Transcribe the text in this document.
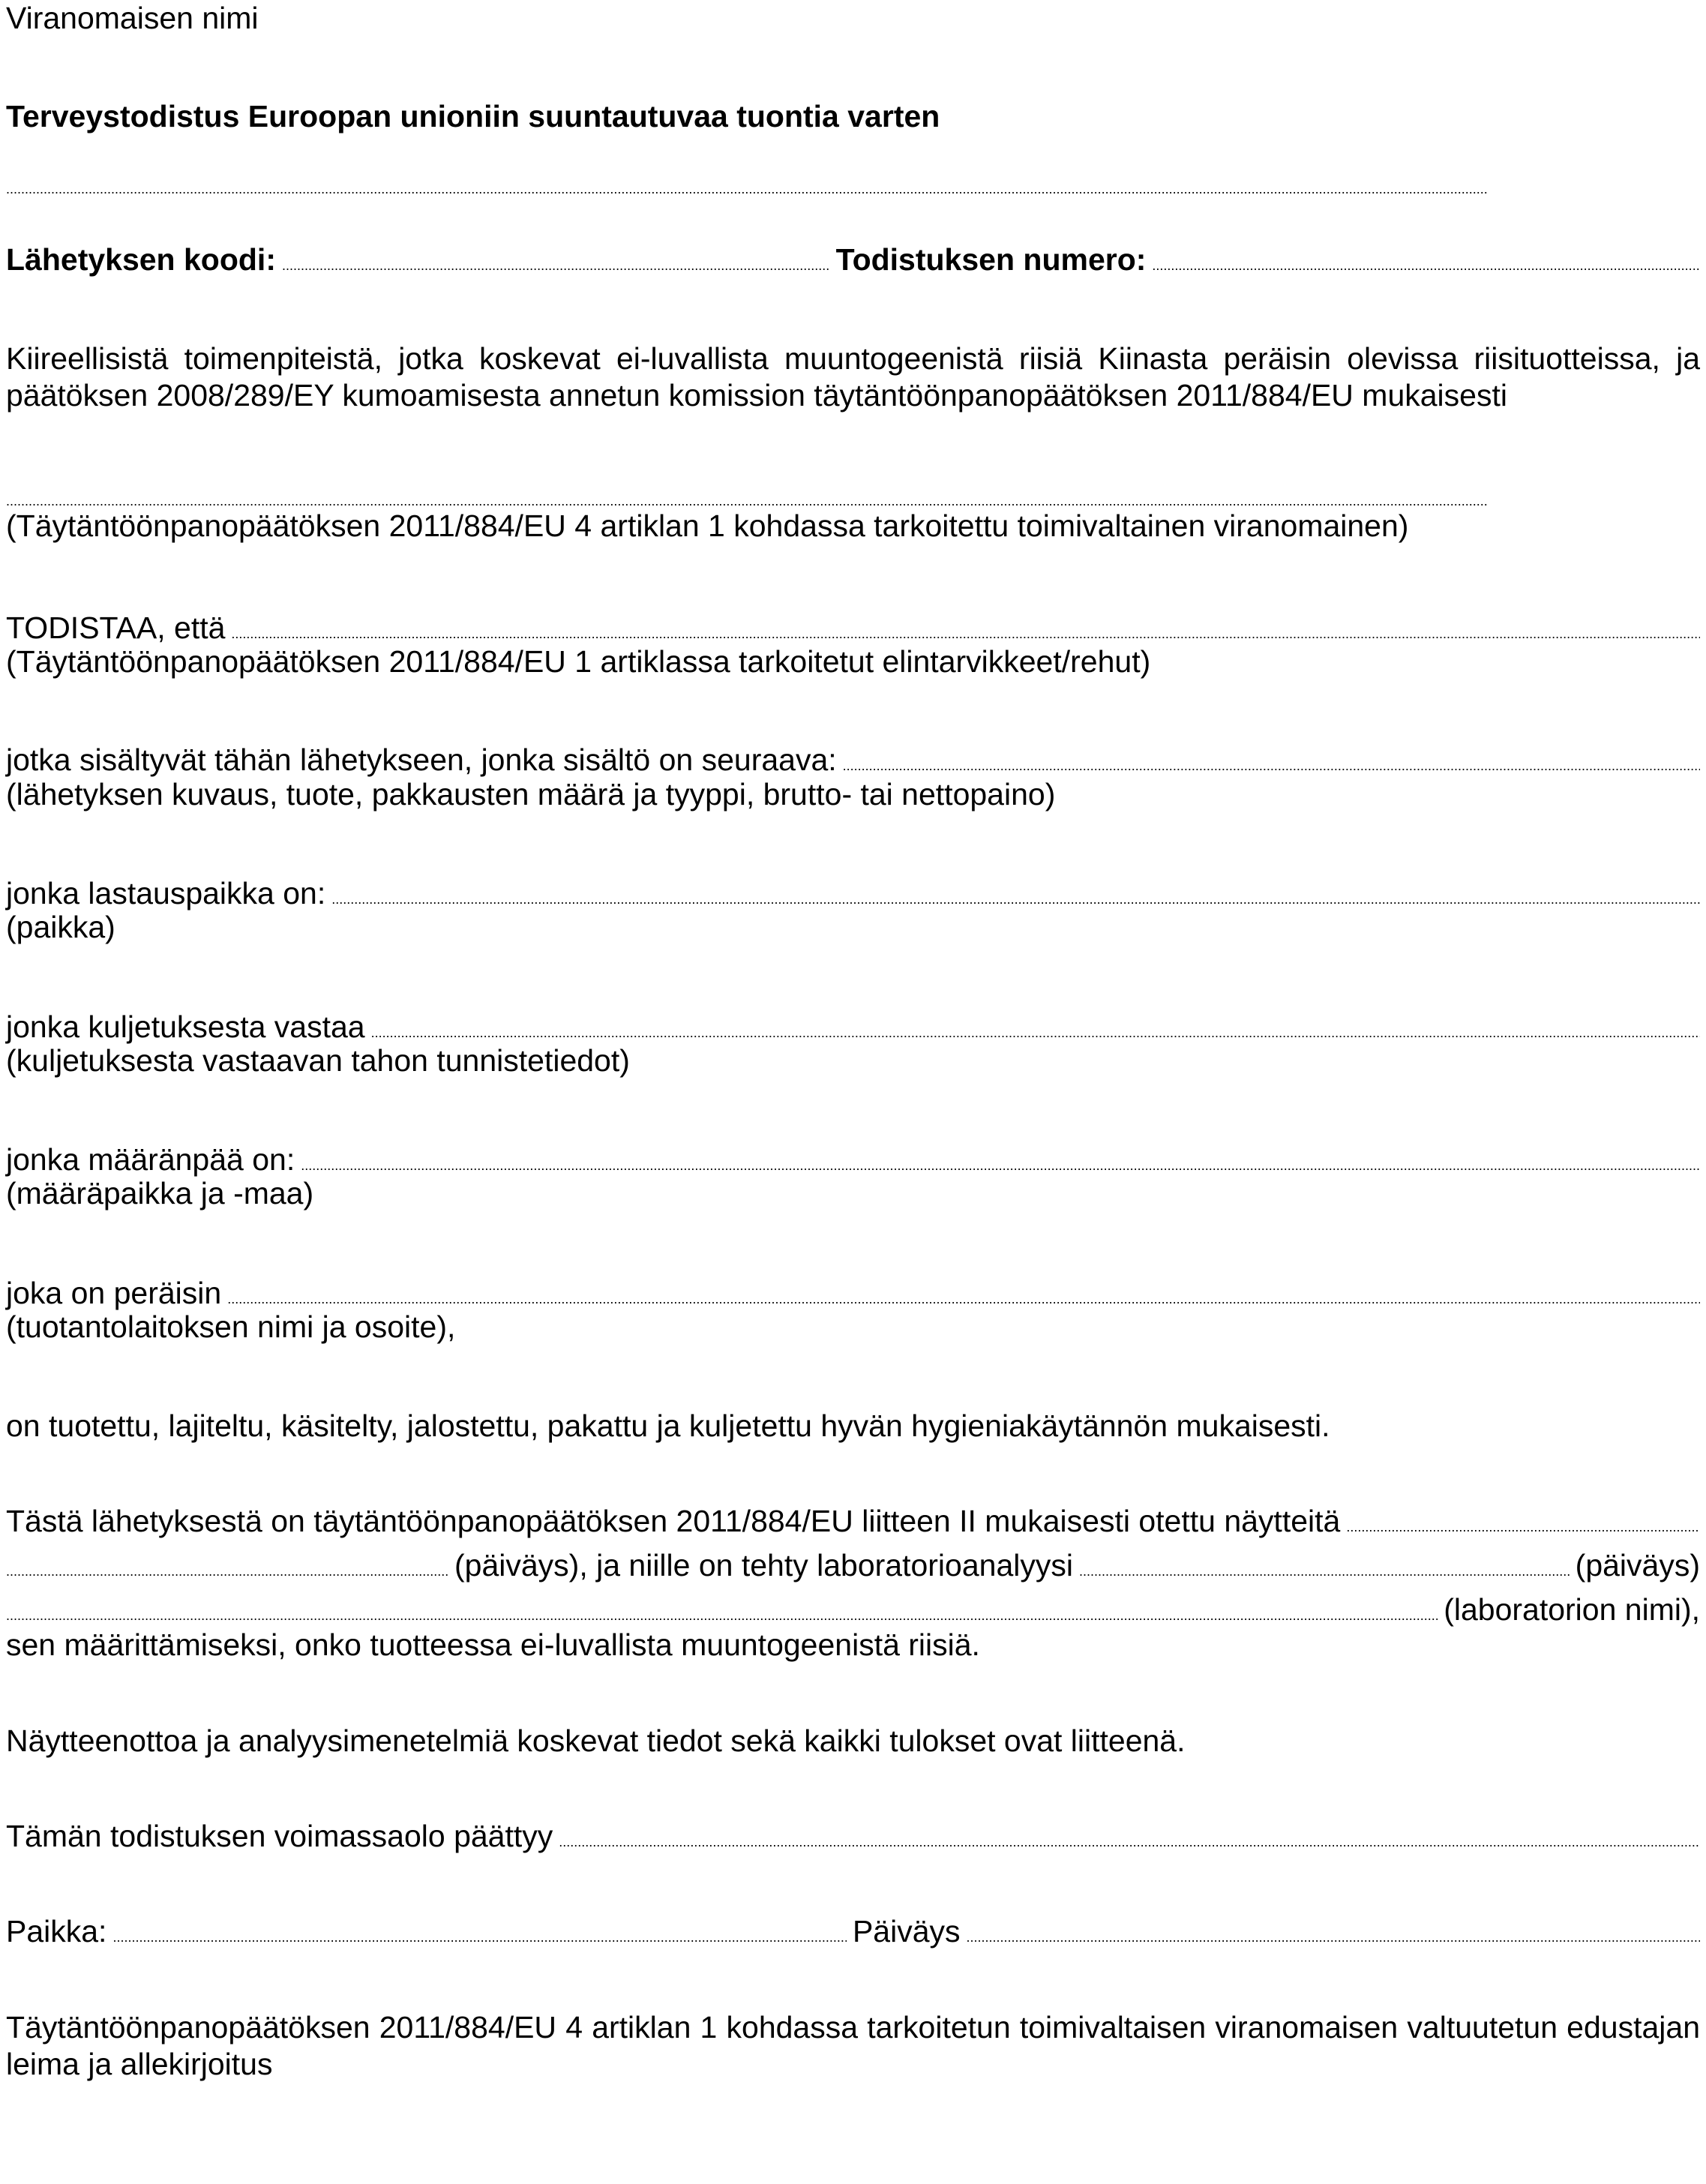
Viranomaisen nimi
Terveystodistus Euroopan unioniin suuntautuvaa tuontia varten
. . .
Lähetyksen koodi: . . .	Todistuksen numero:
. . .
Kiireellisistä toimenpiteistä, jotka koskevat ei-luvallista muuntogeenistä riisiä Kiinasta peräisin olevissa riisituotteissa, ja päätöksen 2008/289/EY kumoamisesta annetun komission täytäntöönpanopäätöksen 2011/884/EU mukaisesti
. . .
(Täytäntöönpanopäätöksen 2011/884/EU 4 artiklan 1 kohdassa tarkoitettu toimivaltainen viranomainen)
TODISTAA, että
. . .
(Täytäntöönpanopäätöksen 2011/884/EU 1 artiklassa tarkoitetut elintarvikkeet/rehut)
jotka sisältyvät tähän lähetykseen, jonka sisältö on seuraava:
. . .
(lähetyksen kuvaus, tuote, pakkausten määrä ja tyyppi, brutto- tai nettopaino)
jonka lastauspaikka on:
. . .
(paikka)
jonka kuljetuksesta vastaa
. . .
(kuljetuksesta vastaavan tahon tunnistetiedot)
jonka määränpää on:
. . .
(määräpaikka ja -maa)
joka on peräisin
. . .
(tuotantolaitoksen nimi ja osoite),
on tuotettu, lajiteltu, käsitelty, jalostettu, pakattu ja kuljetettu hyvän hygieniakäytännön mukaisesti.
Tästä lähetyksestä on täytäntöönpanopäätöksen 2011/884/EU liitteen II mukaisesti otettu näytteitä
. . .
. . .
(päiväys), ja niille on tehty laboratorioanalyysi . . .	(päiväys)
. . .
(laboratorion nimi),
sen määrittämiseksi, onko tuotteessa ei-luvallista muuntogeenistä riisiä.
Näytteenottoa ja analyysimenetelmiä koskevat tiedot sekä kaikki tulokset ovat liitteenä.
Tämän todistuksen voimassaolo päättyy
. . .
Paikka: . . .	Päiväys
. . .
Täytäntöönpanopäätöksen 2011/884/EU 4 artiklan 1 kohdassa tarkoitetun toimivaltaisen viranomaisen valtuutetun edustajan leima ja allekirjoitus
